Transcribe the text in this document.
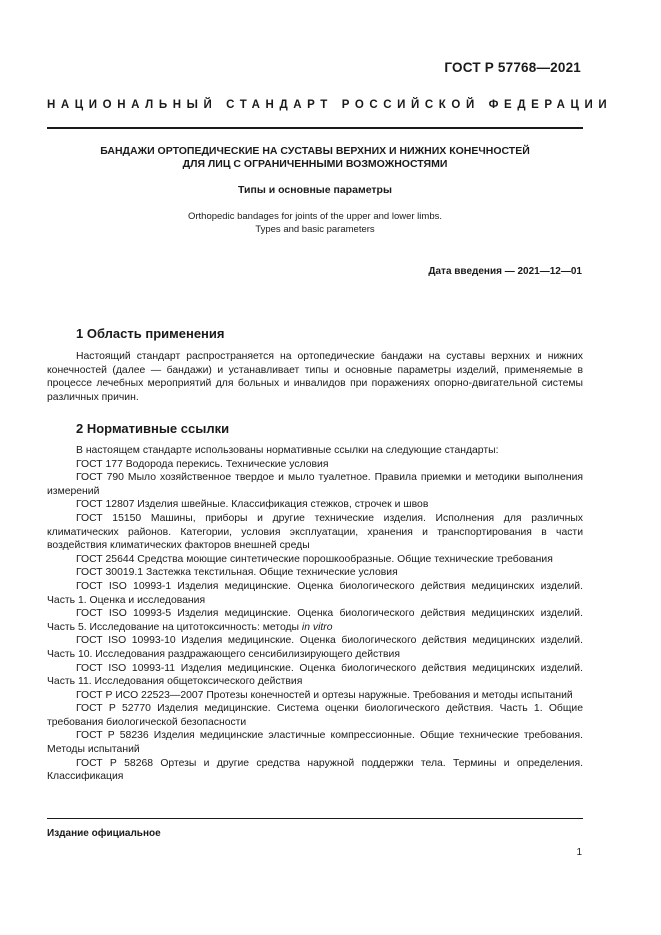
ГОСТ Р 57768—2021
НАЦИОНАЛЬНЫЙ СТАНДАРТ РОССИЙСКОЙ ФЕДЕРАЦИИ
БАНДАЖИ ОРТОПЕДИЧЕСКИЕ НА СУСТАВЫ ВЕРХНИХ И НИЖНИХ КОНЕЧНОСТЕЙ
ДЛЯ ЛИЦ С ОГРАНИЧЕННЫМИ ВОЗМОЖНОСТЯМИ
Типы и основные параметры
Orthopedic bandages for joints of the upper and lower limbs.
Types and basic parameters
Дата введения — 2021—12—01
1 Область применения

Настоящий стандарт распространяется на ортопедические бандажи на суставы верхних и нижних конечностей (далее — бандажи) и устанавливает типы и основные параметры изделий, применяемые в процессе лечебных мероприятий для больных и инвалидов при поражениях опорно-двигательной системы различных причин.

2 Нормативные ссылки

В настоящем стандарте использованы нормативные ссылки на следующие стандарты:

ГОСТ 177 Водорода перекись. Технические условия

ГОСТ 790 Мыло хозяйственное твердое и мыло туалетное. Правила приемки и методики выполнения измерений

ГОСТ 12807 Изделия швейные. Классификация стежков, строчек и швов

ГОСТ 15150 Машины, приборы и другие технические изделия. Исполнения для различных климатических районов. Категории, условия эксплуатации, хранения и транспортирования в части воздействия климатических факторов внешней среды

ГОСТ 25644 Средства моющие синтетические порошкообразные. Общие технические требования

ГОСТ 30019.1 Застежка текстильная. Общие технические условия

ГОСТ ISO 10993-1 Изделия медицинские. Оценка биологического действия медицинских изделий. Часть 1. Оценка и исследования

ГОСТ ISO 10993-5 Изделия медицинские. Оценка биологического действия медицинских изделий. Часть 5. Исследование на цитотоксичность: методы in vitro

ГОСТ ISO 10993-10 Изделия медицинские. Оценка биологического действия медицинских изделий. Часть 10. Исследования раздражающего сенсибилизирующего действия

ГОСТ ISO 10993-11 Изделия медицинские. Оценка биологического действия медицинских изделий. Часть 11. Исследования общетоксического действия

ГОСТ Р ИСО 22523—2007 Протезы конечностей и ортезы наружные. Требования и методы испытаний

ГОСТ Р 52770 Изделия медицинские. Система оценки биологического действия. Часть 1. Общие требования биологической безопасности

ГОСТ Р 58236 Изделия медицинские эластичные компрессионные. Общие технические требования. Методы испытаний

ГОСТ Р 58268 Ортезы и другие средства наружной поддержки тела. Термины и определения. Классификация

Издание официальное
1
